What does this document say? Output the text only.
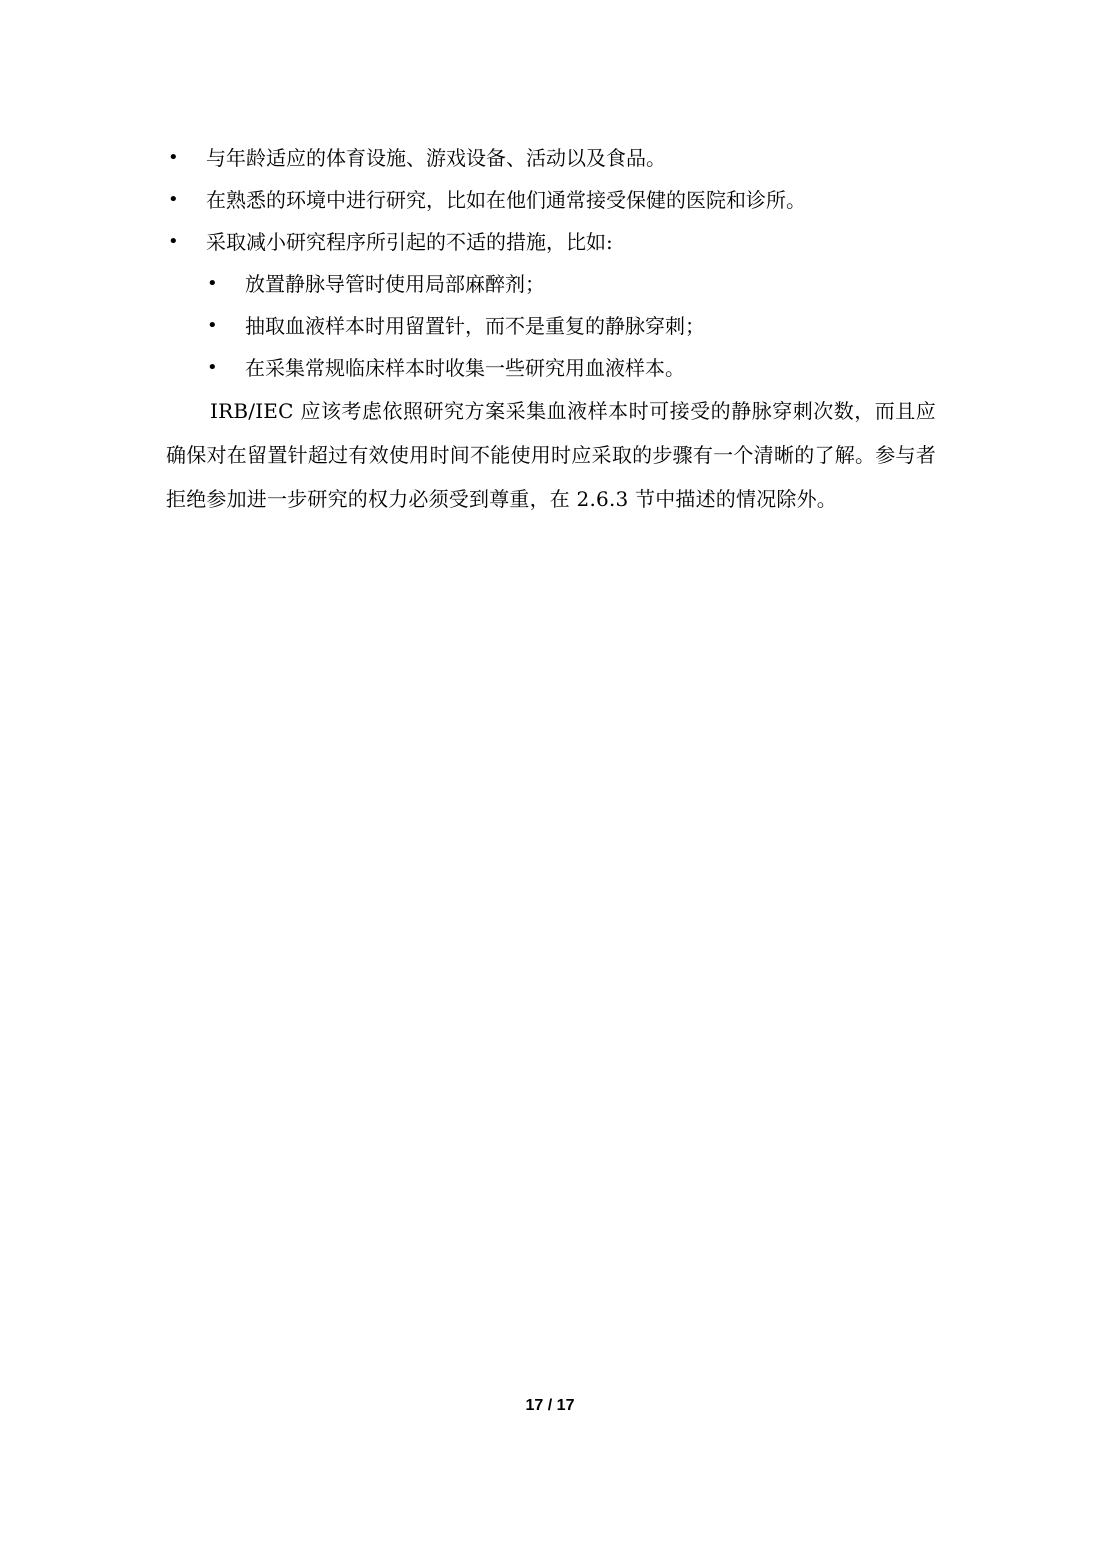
• 与年龄适应的体育设施、游戏设备、活动以及食品。
• 在熟悉的环境中进行研究，比如在他们通常接受保健的医院和诊所。
• 采取减小研究程序所引起的不适的措施，比如:
• 放置静脉导管时使用局部麻醉剂；
• 抽取血液样本时用留置针，而不是重复的静脉穿刺；
• 在采集常规临床样本时收集一些研究用血液样本。

IRB/IEC 应该考虑依照研究方案采集血液样本时可接受的静脉穿刺次数，而且应确保对在留置针超过有效使用时间不能使用时应采取的步骤有一个清晰的了解。参与者拒绝参加进一步研究的权力必须受到尊重，在 2.6.3 节中描述的情况除外。

17 / 17
